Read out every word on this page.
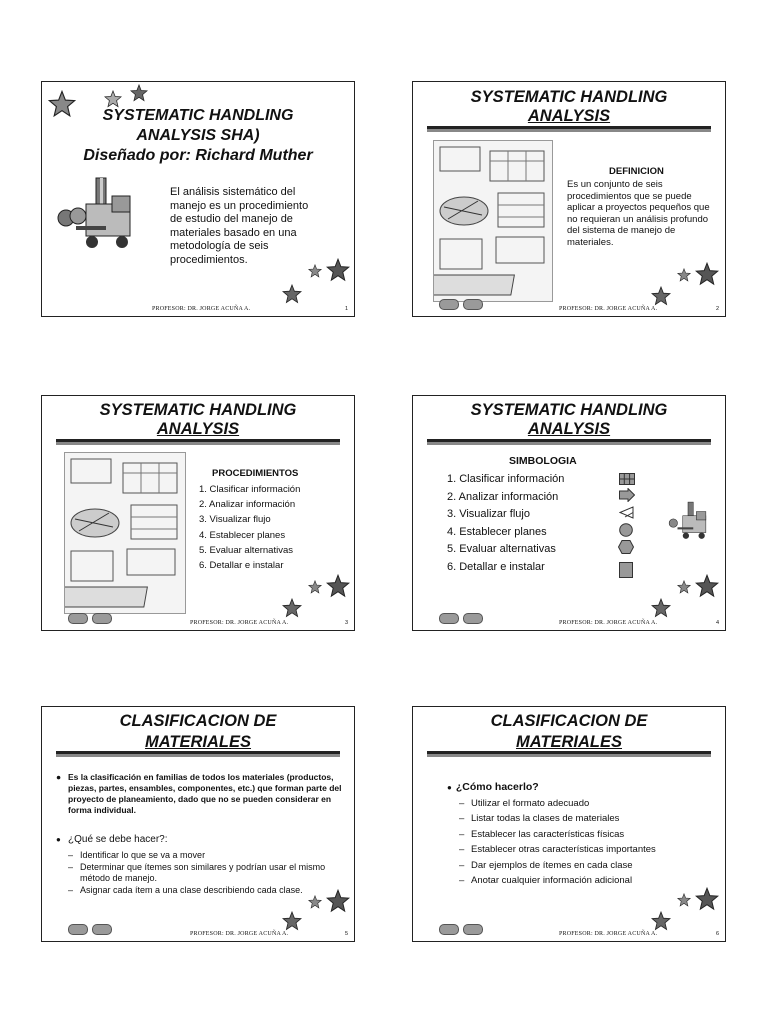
SYSTEMATIC HANDLING
ANALYSIS SHA)
Diseñado por: Richard Muther
El análisis sistemático del manejo es un procedimiento de estudio del manejo de materiales basado en una metodología de seis procedimientos.
PROFESOR: DR. JORGE ACUÑA A.	1
SYSTEMATIC HANDLING
ANALYSIS
DEFINICION
Es un conjunto de seis procedimientos que se puede aplicar a proyectos pequeños que no requieran un análisis profundo del sistema de manejo de materiales.
PROFESOR: DR. JORGE ACUÑA A.	2
SYSTEMATIC HANDLING
ANALYSIS
PROCEDIMIENTOS
1. Clasificar información
2. Analizar información
3. Visualizar flujo
4. Establecer planes
5. Evaluar alternativas
6. Detallar e instalar
PROFESOR: DR. JORGE ACUÑA A.	3
SYSTEMATIC HANDLING
ANALYSIS
SIMBOLOGIA
1. Clasificar información
2. Analizar información
3. Visualizar flujo
4. Establecer planes
5. Evaluar alternativas
6. Detallar e instalar
PROFESOR: DR. JORGE ACUÑA A.	4
CLASIFICACION DE
MATERIALES
● Es la clasificación en familias de todos los materiales (productos, piezas, partes, ensambles, componentes, etc.) que forman parte del proyecto de planeamiento, dado que no se pueden considerar en forma individual.
● ¿Qué se debe hacer?:
– Identificar lo que se va a mover
– Determinar que ítemes son similares y podrían usar el mismo método de manejo.
– Asignar cada ítem a una clase describiendo cada clase.
PROFESOR: DR. JORGE ACUÑA A.	5
CLASIFICACION DE
MATERIALES
● ¿Cómo hacerlo?
– Utilizar el formato adecuado
– Listar todas la clases de materiales
– Establecer las características físicas
– Establecer otras características importantes
– Dar ejemplos de ítemes en cada clase
– Anotar cualquier información adicional
PROFESOR: DR. JORGE ACUÑA A.	6
